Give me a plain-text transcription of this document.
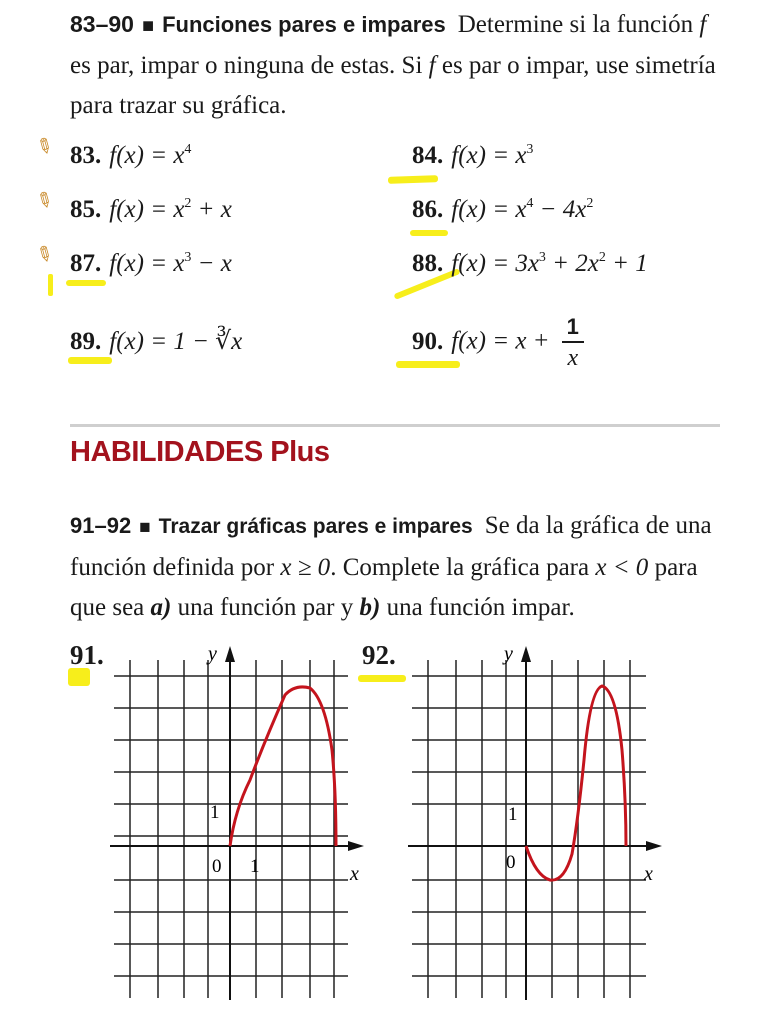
83–90 ■ Funciones pares e impares Determine si la función f es par, impar o ninguna de estas. Si f es par o impar, use simetría para trazar su gráfica.
✎
✎
✎
83. $f(x) = x^4$	84. $f(x) = x^3$
85. $f(x) = x^2 + x$	86. $f(x) = x^4 - 4x^2$
87. $f(x) = x^3 - x$	88. $f(x) = 3x^3 + 2x^2 + 1$
89. f(x) = 1 − ∛x	90. $f(x) = x + \frac{1}{x}$
HABILIDADES Plus
91–92 ■ Trazar gráficas pares e impares Se da la gráfica de una función definida por x ≥ 0. Complete la gráfica para x < 0 para que sea a) una función par y b) una función impar.
91.	92.
y
x
0 1
1
y
x
0
1
